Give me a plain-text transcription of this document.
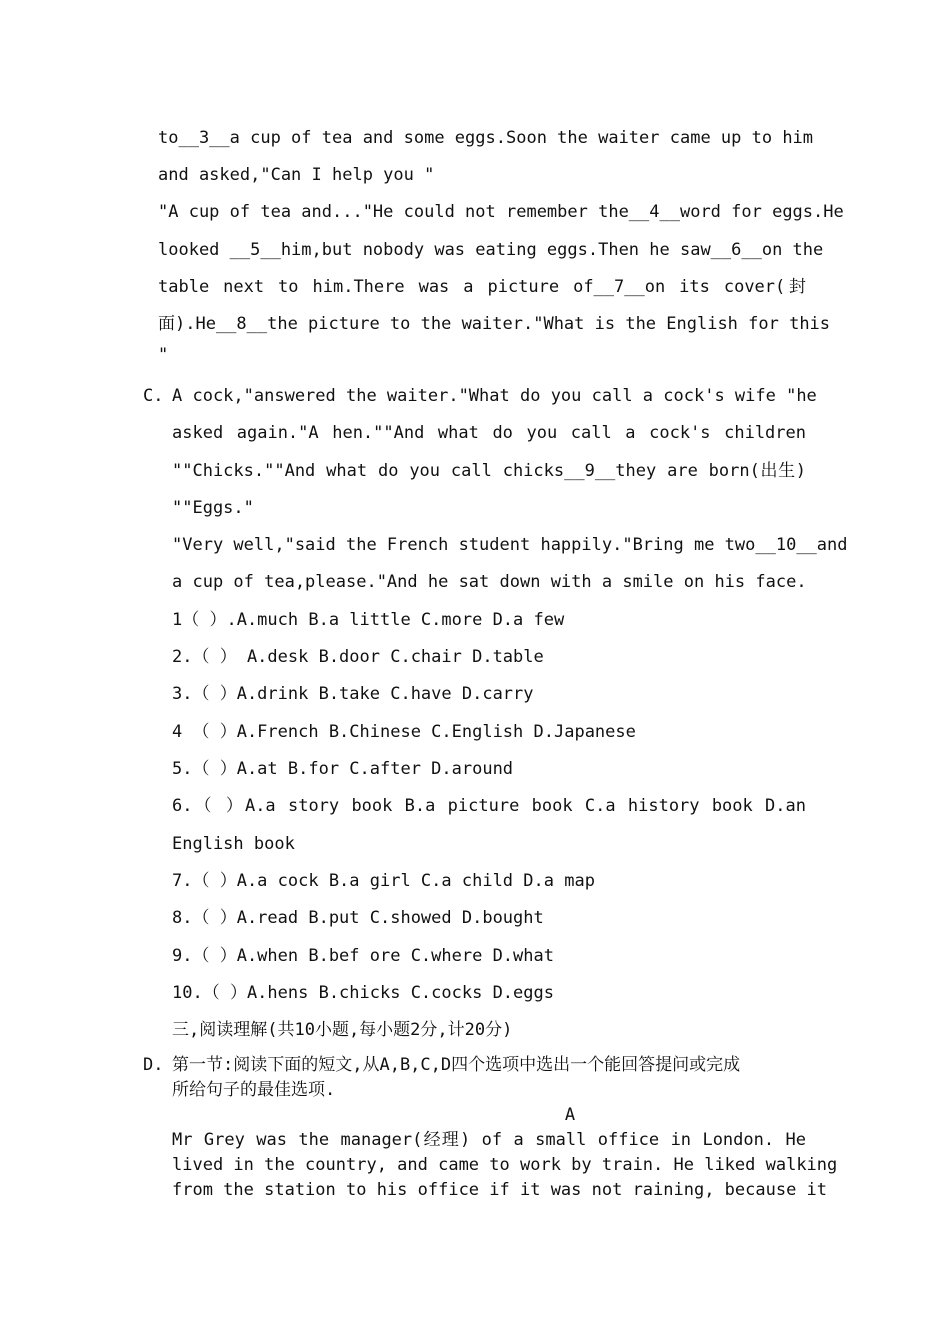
to__3__a cup of tea and some eggs.Soon the waiter came up to him
and asked,"Can I help you "
"A cup of tea and..."He could not remember the__4__word for eggs.He
looked __5__him,but nobody was eating eggs.Then he saw__6__on the
table next to him.There was a picture of__7__on its cover(封
面).He__8__the picture to the waiter."What is the English for this
"
C. A cock,"answered the waiter."What do you call a cock's wife "he
asked again."A hen.""And what do you call a cock's children
""Chicks.""And what do you call chicks__9__they are born(出生)
""Eggs."
"Very well,"said the French student happily."Bring me two__10__and
a cup of tea,please."And he sat down with a smile on his face.
1（ ）.A.much B.a little C.more D.a few
2.（ ） A.desk B.door C.chair D.table
3.（ ）A.drink B.take C.have D.carry
4 （ ）A.French B.Chinese C.English D.Japanese
5.（ ）A.at B.for C.after D.around
6.（ ）A.a story book B.a picture book C.a history book D.an
English book
7.（ ）A.a cock B.a girl C.a child D.a map
8.（ ）A.read B.put C.showed D.bought
9.（ ）A.when B.bef ore C.where D.what
10.（ ）A.hens B.chicks C.cocks D.eggs
三,阅读理解(共10小题,每小题2分,计20分)
D. 第一节:阅读下面的短文,从A,B,C,D四个选项中选出一个能回答提问或完成
所给句子的最佳选项.
A
Mr Grey was the manager(经理) of a small office in London. He
lived in the country, and came to work by train. He liked walking
from the station to his office if it was not raining, because it
